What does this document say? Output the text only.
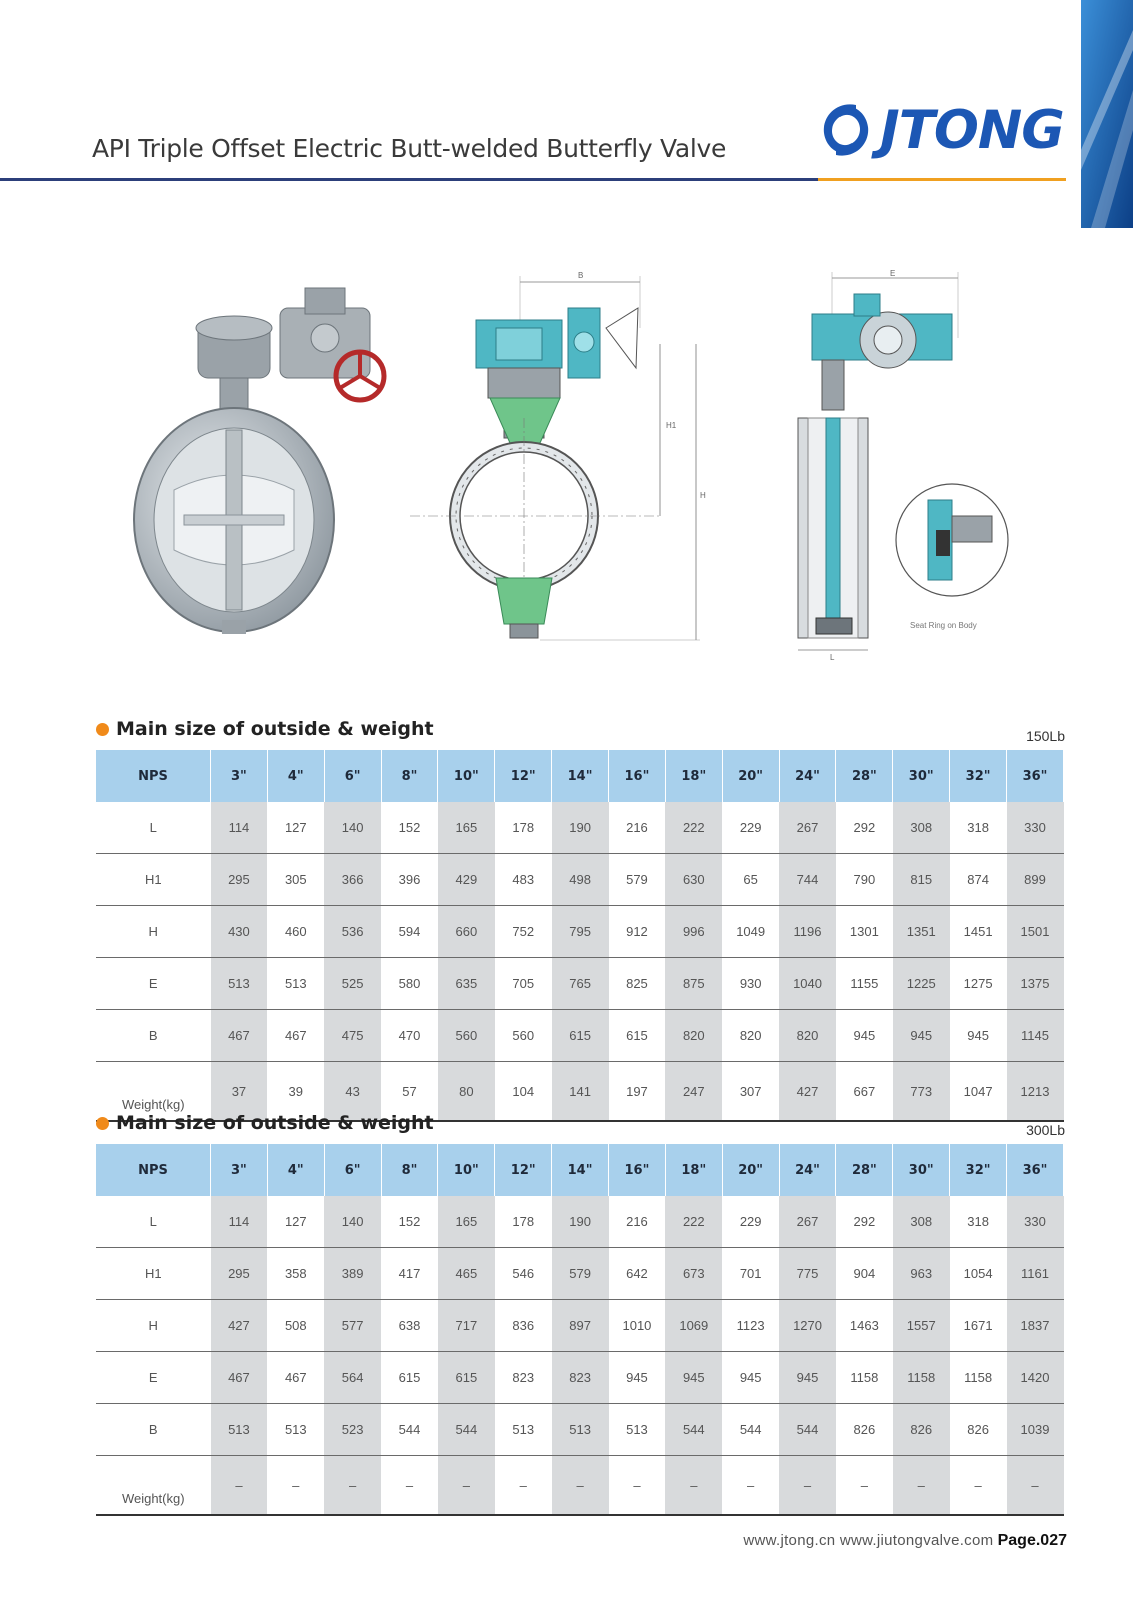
API Triple Offset Electric Butt-welded Butterfly Valve	JTONG
B
H1
H
E
L
Seat Ring on Body
Main size of outside & weight	150Lb
NPS	3"	4"	6"	8"	10"	12"	14"	16"	18"	20"	24"	28"	30"	32"	36"
L	114	127	140	152	165	178	190	216	222	229	267	292	308	318	330
H1	295	305	366	396	429	483	498	579	630	65	744	790	815	874	899
H	430	460	536	594	660	752	795	912	996	1049	1196	1301	1351	1451	1501
E	513	513	525	580	635	705	765	825	875	930	1040	1155	1225	1275	1375
B	467	467	475	470	560	560	615	615	820	820	820	945	945	945	1145
Weight(kg)	37	39	43	57	80	104	141	197	247	307	427	667	773	1047	1213
Main size of outside & weight	300Lb
NPS	3"	4"	6"	8"	10"	12"	14"	16"	18"	20"	24"	28"	30"	32"	36"
L	114	127	140	152	165	178	190	216	222	229	267	292	308	318	330
H1	295	358	389	417	465	546	579	642	673	701	775	904	963	1054	1161
H	427	508	577	638	717	836	897	1010	1069	1123	1270	1463	1557	1671	1837
E	467	467	564	615	615	823	823	945	945	945	945	1158	1158	1158	1420
B	513	513	523	544	544	513	513	513	544	544	544	826	826	826	1039
Weight(kg)	–	–	–	–	–	–	–	–	–	–	–	–	–	–	–
www.jtong.cn www.jiutongvalve.com Page.027
